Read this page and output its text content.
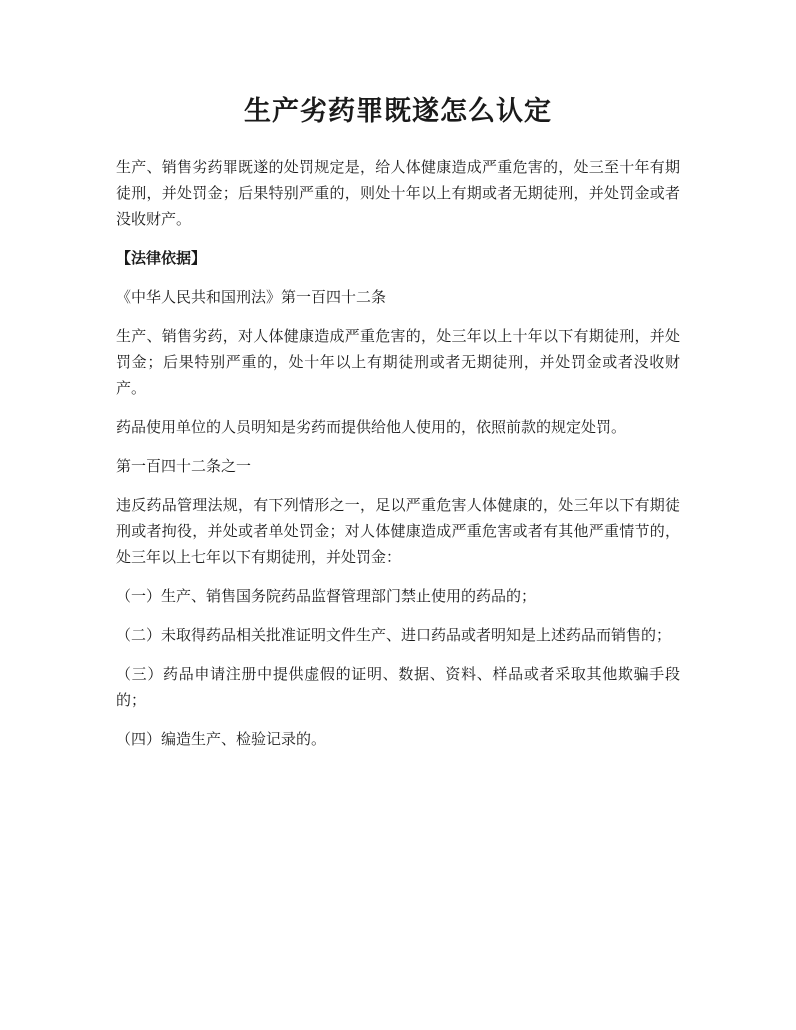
生产劣药罪既遂怎么认定

生产、销售劣药罪既遂的处罚规定是，给人体健康造成严重危害的，处三至十年有期徒刑，并处罚金；后果特别严重的，则处十年以上有期或者无期徒刑，并处罚金或者没收财产。

【法律依据】

《中华人民共和国刑法》第一百四十二条

生产、销售劣药，对人体健康造成严重危害的，处三年以上十年以下有期徒刑，并处罚金；后果特别严重的，处十年以上有期徒刑或者无期徒刑，并处罚金或者没收财产。

药品使用单位的人员明知是劣药而提供给他人使用的，依照前款的规定处罚。

第一百四十二条之一

违反药品管理法规，有下列情形之一，足以严重危害人体健康的，处三年以下有期徒刑或者拘役，并处或者单处罚金；对人体健康造成严重危害或者有其他严重情节的，处三年以上七年以下有期徒刑，并处罚金：

（一）生产、销售国务院药品监督管理部门禁止使用的药品的；

（二）未取得药品相关批准证明文件生产、进口药品或者明知是上述药品而销售的；

（三）药品申请注册中提供虚假的证明、数据、资料、样品或者采取其他欺骗手段的；

（四）编造生产、检验记录的。
